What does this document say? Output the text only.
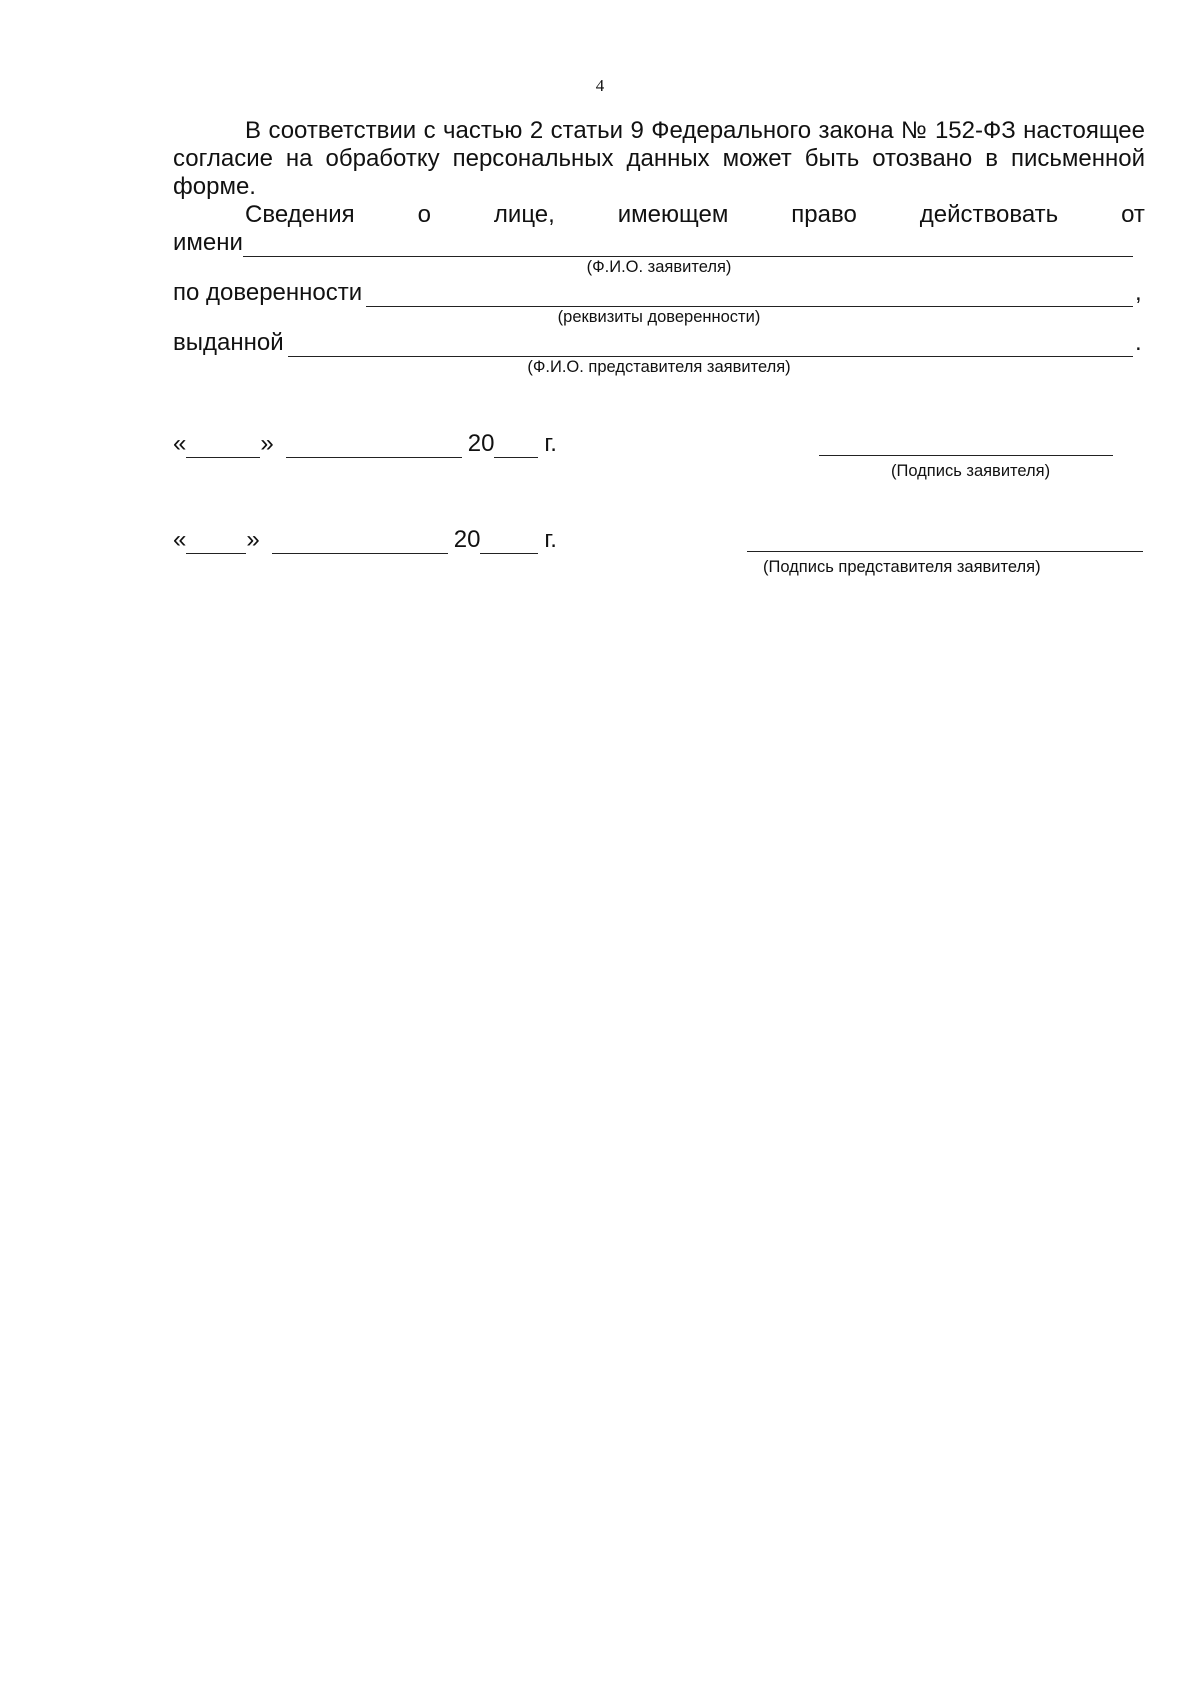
4

В соответствии с частью 2 статьи 9 Федерального закона № 152-ФЗ настоящее согласие на обработку персональных данных может быть отозвано в письменной форме.

Сведения	о	лице,	имеющем	право	действовать	от
имени
(Ф.И.О. заявителя)
по доверенности	,
(реквизиты доверенности)
выданной	.
(Ф.И.О. представителя заявителя)
«	»	20 г.
(Подпись заявителя)
«	»	20	г.
(Подпись представителя заявителя)
